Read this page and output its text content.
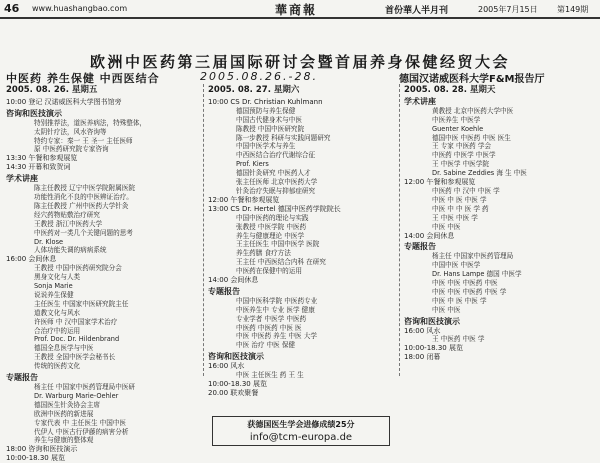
46 www.huashangbao.com	華商報	首份華人半月刊	2005年7月15日 第149期
欧洲中医药第三届国际研讨会暨首届养身保健经贸大会
中医药 养生保健 中西医结合	2005.08.26.-28.	德国汉诺威医科大学F&M报告厅
2005. 08. 26. 星期五
10:00 登记 汉诺威医科大学图书馆旁
咨询和医技演示
特别推荐法，道医养病法，特殊整体，
太阴针疗法，风水咨询等
特约专家：秦一 王 圣一 主任医师
原 中医药研究院专家咨询
13:30 午餐和参观展览
14:30 开幕和致贺词
学术讲座
陈主任教授 辽宁中医学院附属医院
功能性消化不良的中医辨证治疗。
陈主任教授 广州中医药大学针灸
经穴药物贴敷治疗研究
王教授 浙江中医药大学
中医药对一类几个关键问题的思考
Dr. Klose
人体功能失调的病病系统
16:00 会间休息
王教授 中国中医药研究院分会
黑身文化与人类
Sonja Marie
说说养生保健
主任医生 中国家中医研究院主任
道教文化与风水
许医师 中 汉中国家学术治疗
合治疗中的运用
Prof. Doc. Dr. Hildenbrand
德国全息医学与中医
王教授 全国中医学会秘书长
传统的医药文化
专题报告
杨主任 中国家中医药管理局中医研
Dr. Warburg Marie-Oehler
德国医生针灸协会主席
欧洲中医药的新进展
专家代表 中 主任医生 中国中医
代伊人 中医古行伊藤的病害分析
养生与健康的整体观
18:00 咨询和医技演示
10:00-18.30 展览
2005. 08. 27. 星期六
10:00 CS Dr. Christian Kuhlmann
德国预防与养生保健
中国古代健身术与中医
陈教授 中国中医研究院
陈一步教授 科研与实践问题研究
中国中医学术与养生
中西医结合治疗代谢综合征
Prof. Kiers
德国针灸研究 中医药人才
张主任医师 北京中医药大学
针灸治疗失眠与抑郁症研究
12:00 午餐和参观展览
13:00 CS Dr. Hertel 德国中医药学院院长
中国中医药的理论与实践
张教授 中医学院 中医药
养生与健康理论 中医学
王主任医生 中国中医学 医院
养生药膳 食疗方法
王主任 中西医结合内科 在研究
中医药在保健中的运用
14:00 会间休息
专题报告
中国中医科学院 中医药专业
中医养生中 专业 医学 健康
专业学者 中医学 中医药
中医药 中医药 中医 医
中医 中医药 养生 中医 大学
中医 治疗 中医 保健
咨询和医技演示
16:00 风水
中医 主任医生 药 王 生
10:00-18.30 展览
20.00 联欢聚餐
2005. 08. 28. 星期天
学术讲座
黄教授 北京中医药大学中医
中医养生 中医学
Guenter Koehle
德国中医 中医药 中医 医生
王 专家 中医药 学会
中医药 中医学 中医学
王 中医学 中医学院
Dr. Sabine Zeddies 海 生 中医
12:00 午餐和参观展览
中医药 中 汉中 中医 学
中医 中 医 中医 学
中医 中 中 医 学 药
王 中医 中医 学
中医 中医
14:00 会间休息
专题报告
杨主任 中国家中医药管理局
中国中医 中医学
Dr. Hans Lampe 德国 中医学
中医 中医 中医药 中医
中医 中医 中医药 中医 学
中医 中 医 中医 学
中医 中医
咨询和医技演示
16:00 风水
王 中医药 中医 学
10:00-18.30 展览
18:00 闭幕
获德国医生学会进修成绩25分
info@tcm-europa.de
